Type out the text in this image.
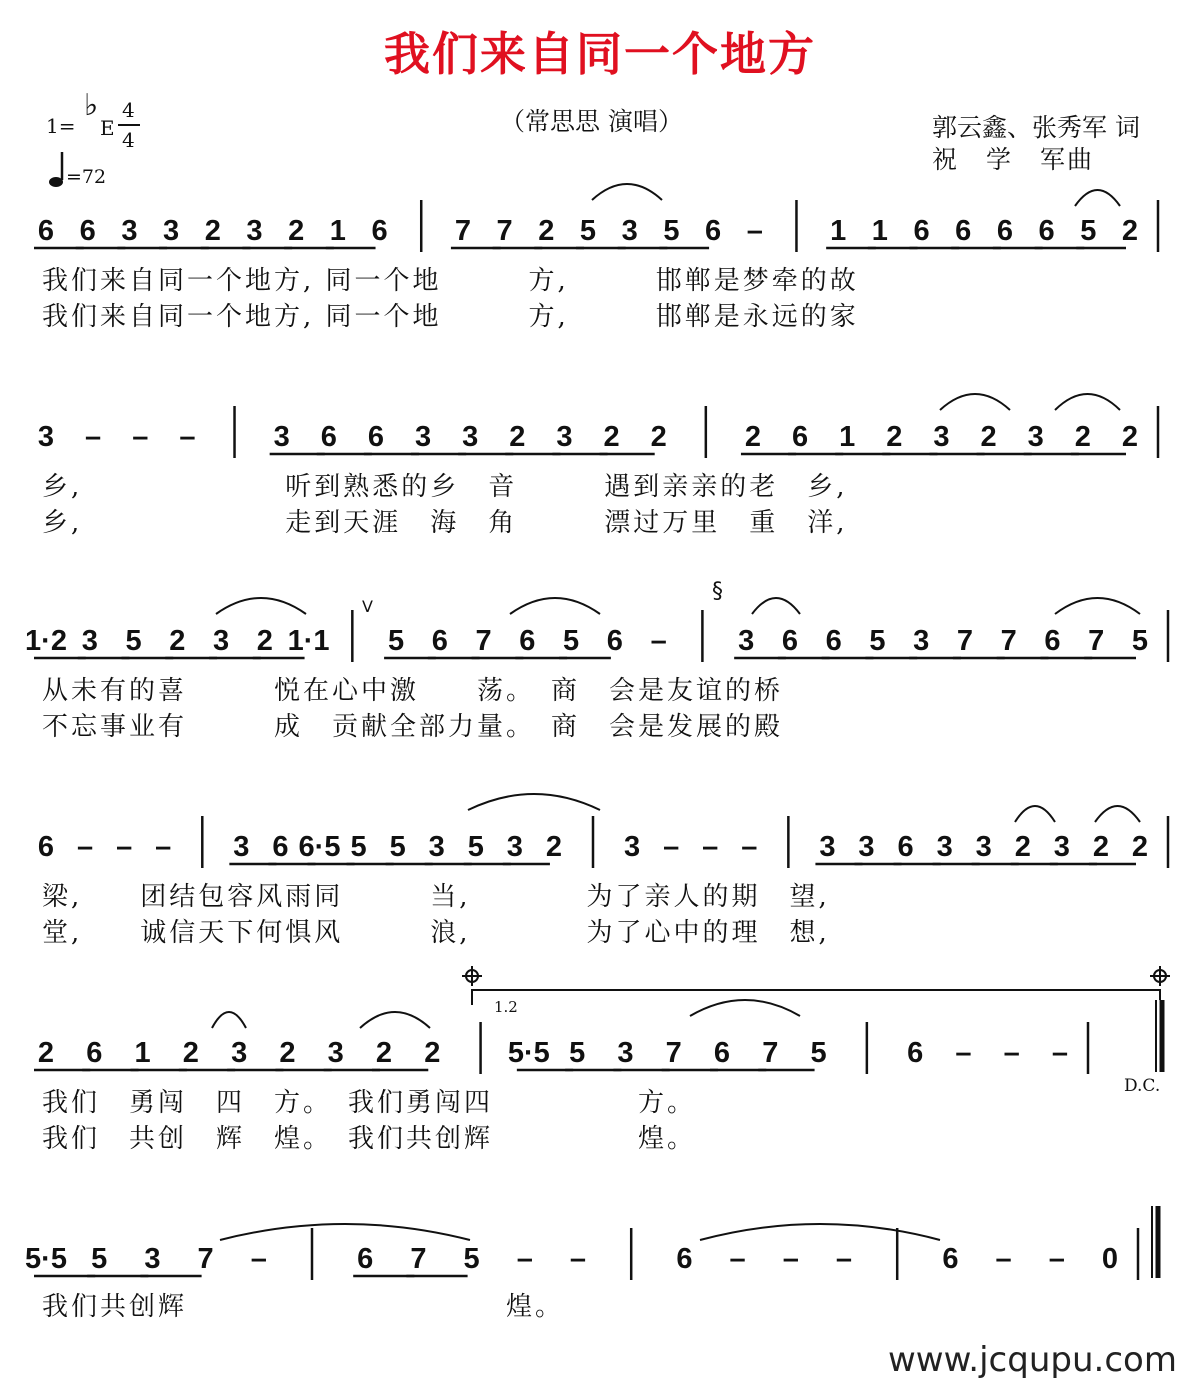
我们来自同一个地方
（常思思 演唱）	郭云鑫、张秀军 词
祝　学　军曲
1=
♭
E
4
4
=72
6 6 3 3 2 3 2 1 6 7 7 2 5 3 5 6 – 1 1 6 6 6 6 5 2
3 – – –	3 6 6 3 3 2 3 2 2	2 6 1 2 3 2 3 2 2
1·2 3 5 2 3 2 1·1 5 6 7 6 5 6 – 3 6 6 5 3 7 7 6 7 5
6 – – – 3 6 6·5 5 5 3 5 3 2 3 – – – 3 3 6 3 3 2 3 2 2
2 6 1 2 3 2 3 2 2 5·5 5 3 7 6 7 5	6 – – –
5·5 5 3 7 –	6 7 5 – –	6 – – –	6 – – 0
1.2
§
V
我们来自同一个地方, 同一个地　　　方,　　　邯郸是梦牵的故
我们来自同一个地方, 同一个地　　　方,　　　邯郸是永远的家
乡,　　　　　　　听到熟悉的乡　音　　　遇到亲亲的老　乡,
乡,　　　　　　　走到天涯　海　角　　　漂过万里　重　洋,
从未有的喜　　　悦在心中激　　荡。　商　会是友谊的桥
不忘事业有　　　成　贡献全部力量。　商　会是发展的殿
梁,　　团结包容风雨同　　　当,　　　　为了亲人的期　望,
堂,　　诚信天下何惧风　　　浪,　　　　为了心中的理　想,
我们　勇闯　四　方。　我们勇闯四　　　　　方。
我们　共创　辉　煌。　我们共创辉　　　　　煌。
我们共创辉　　　　　　　　　　　煌。
D.C.
www.jcqupu.com
